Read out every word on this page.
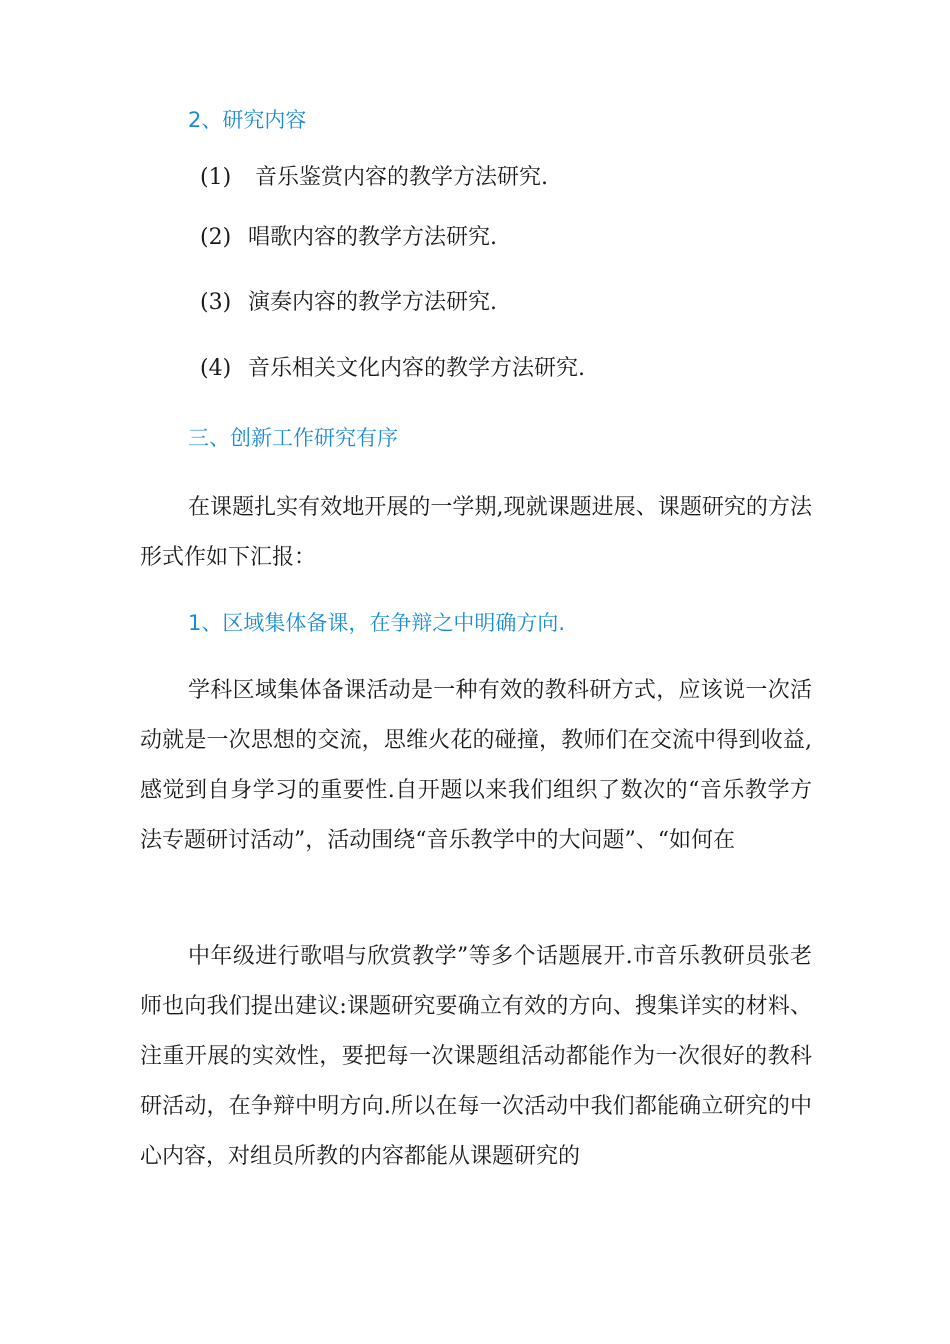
2、研究内容
(1) 音乐鉴赏内容的教学方法研究.
(2) 唱歌内容的教学方法研究.
(3) 演奏内容的教学方法研究.
(4) 音乐相关文化内容的教学方法研究.
三、创新工作研究有序
在课题扎实有效地开展的一学期,现就课题进展、课题研究的方法形式作如下汇报：
1、区域集体备课，在争辩之中明确方向.
学科区域集体备课活动是一种有效的教科研方式，应该说一次活动就是一次思想的交流，思维火花的碰撞，教师们在交流中得到收益,感觉到自身学习的重要性.自开题以来我们组织了数次的“音乐教学方法专题研讨活动”，活动围绕“音乐教学中的大问题”、“如何在
中年级进行歌唱与欣赏教学”等多个话题展开.市音乐教研员张老师也向我们提出建议:课题研究要确立有效的方向、搜集详实的材料、注重开展的实效性，要把每一次课题组活动都能作为一次很好的教科研活动，在争辩中明方向.所以在每一次活动中我们都能确立研究的中心内容，对组员所教的内容都能从课题研究的
